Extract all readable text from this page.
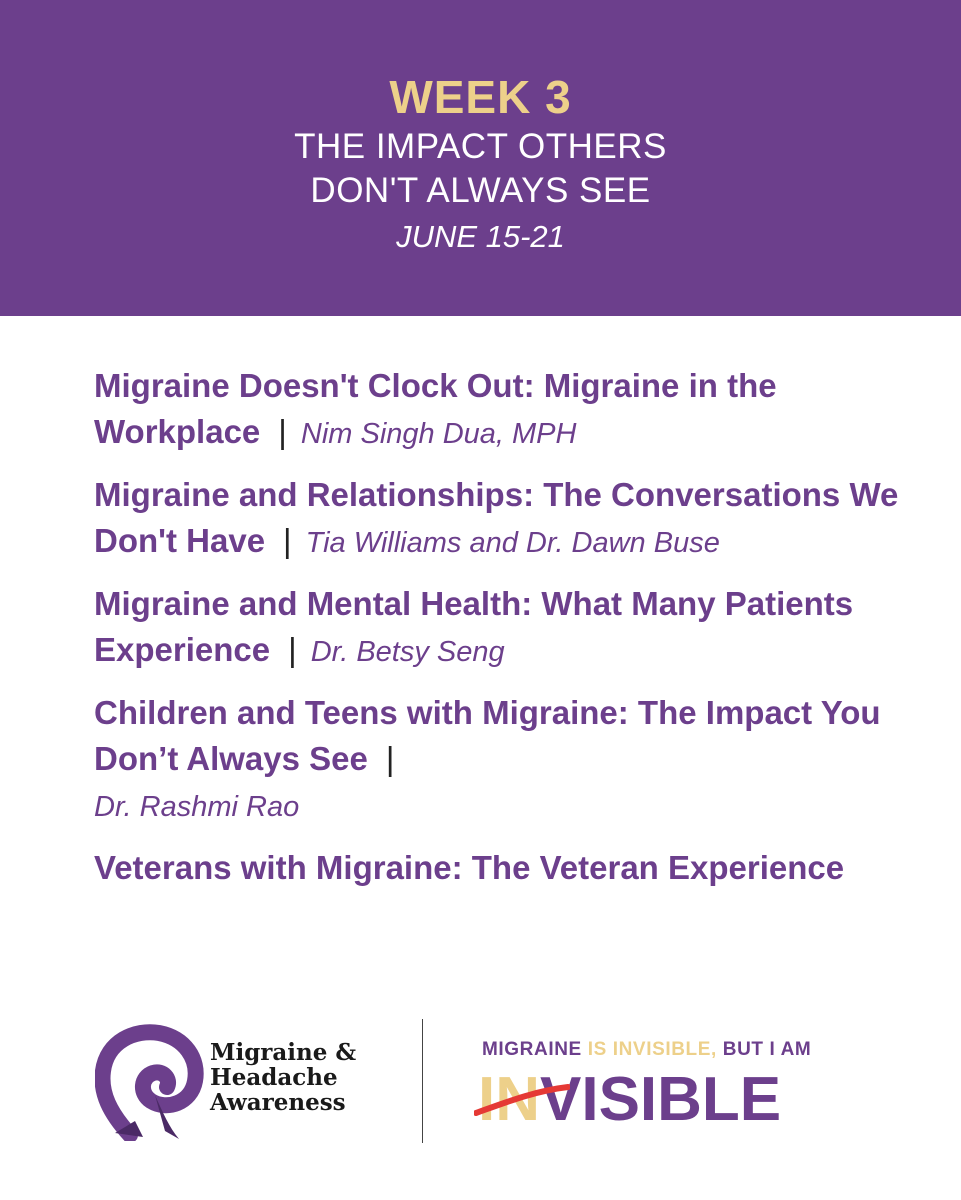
WEEK 3
THE IMPACT OTHERS
DON'T ALWAYS SEE
JUNE 15-21
Migraine Doesn't Clock Out: Migraine in the Workplace | Nim Singh Dua, MPH
Migraine and Relationships: The Conversations We Don't Have | Tia Williams and Dr. Dawn Buse
Migraine and Mental Health: What Many Patients Experience | Dr. Betsy Seng
Children and Teens with Migraine: The Impact You Don’t Always See |
Dr. Rashmi Rao
Veterans with Migraine: The Veteran Experience
Migraine &
Headache
Awareness
MIGRAINE IS INVISIBLE, BUT I AM
IN
VISIBLE
